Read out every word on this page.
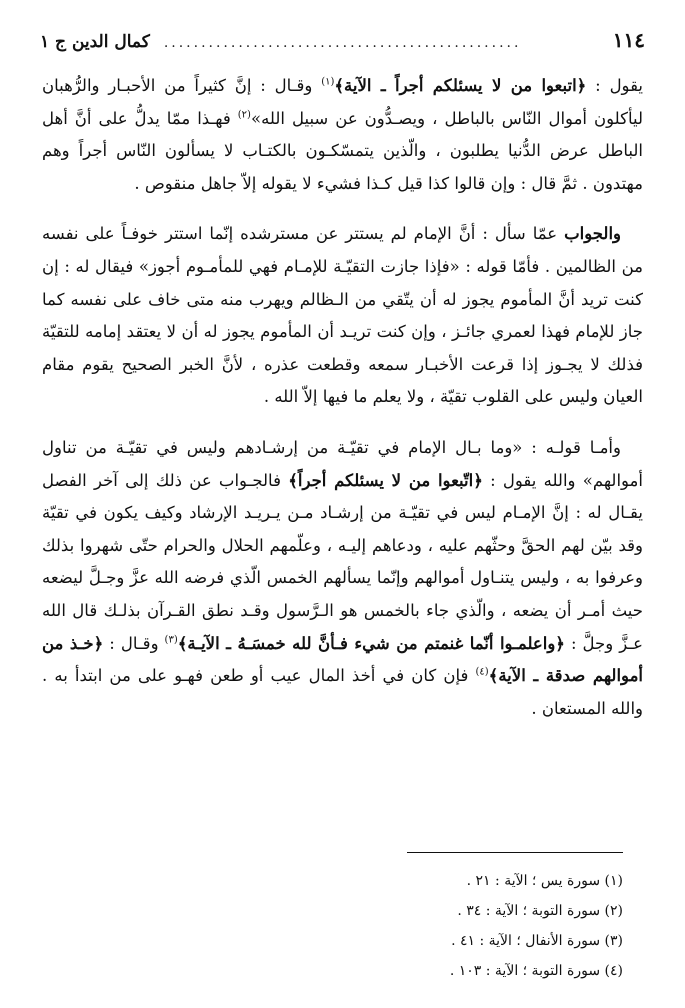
١١٤
................................................
كمال الدين ج ١

يقول : ﴿اتبعوا من لا يسئلكم أجراً ـ الآية﴾$^{(١)}$ وقـال : إنَّ كثيراً من الأحبـار والرُّهبان ليأكلون أموال النّاس بالباطل ، ويصـدُّون عن سبيل الله»$^{(٢)}$ فهـذا ممّا يدلُّ على أنَّ أهل الباطل عرض الدُّنيا يطلبون ، والّذين يتمسّكـون بالكتـاب لا يسألون النّاس أجراً وهم مهتدون . ثمَّ قال : وإن قالوا كذا قيل كـذا فشيء لا يقوله إلاّ جاهل منقوص .

والجواب عمّا سأل : أنَّ الإمام لم يستتر عن مسترشده إنّما استتر خوفـاً على نفسه من الظالمين . فأمّا قوله : «فإذا جازت التقيّـة للإمـام فهي للمأمـوم أجوز» فيقال له : إن كنت تريد أنَّ المأموم يجوز له أن يتّقي من الـظالم ويهرب منه متى خاف على نفسه كما جاز للإمام فهذا لعمري جائـز ، وإن كنت تريـد أن المأموم يجوز له أن لا يعتقد إمامه للتقيّة فذلك لا يجـوز إذا قرعت الأخبـار سمعه وقطعت عذره ، لأنَّ الخبر الصحيح يقوم مقام العيان وليس على القلوب تقيّة ، ولا يعلم ما فيها إلاّ الله .

وأمـا قولـه : «وما بـال الإمام في تقيّـة من إرشـادهم وليس في تقيّـة من تناول أموالهم» والله يقول : ﴿اتّبعوا من لا يسئلكم أجراً﴾ فالجـواب عن ذلك إلى آخر الفصل يقـال له : إنَّ الإمـام ليس في تقيّـة من إرشـاد مـن يـريـد الإرشاد وكيف يكون في تقيّة وقد بيّن لهم الحقَّ وحثّهم عليه ، ودعاهم إليـه ، وعلّمهم الحلال والحرام حتّى شهروا بذلك وعرفوا به ، وليس يتنـاول أموالهم وإنّما يسألهم الخمس الّذي فرضه الله عزَّ وجـلَّ ليضعه حيث أمـر أن يضعه ، والّذي جاء بالخمس هو الـرَّسول وقـد نطق القـرآن بذلـك قال الله عـزَّ وجلَّ : ﴿واعلمـوا أنّما غنمتم من شيء فـأنَّ لله خمسَـهُ ـ الآيـة﴾$^{(٣)}$ وقـال : ﴿خـذ من أموالهم صدقة ـ الآية﴾$^{(٤)}$ فإن كان في أخذ المال عيب أو طعن فهـو على من ابتدأ به . والله المستعان .

(١) سورة يس ؛ الآية : ٢١ .
(٢) سورة التوبة ؛ الآية : ٣٤ .
(٣) سورة الأنفال ؛ الآية : ٤١ .
(٤) سورة التوبة ؛ الآية : ١٠٣ .
